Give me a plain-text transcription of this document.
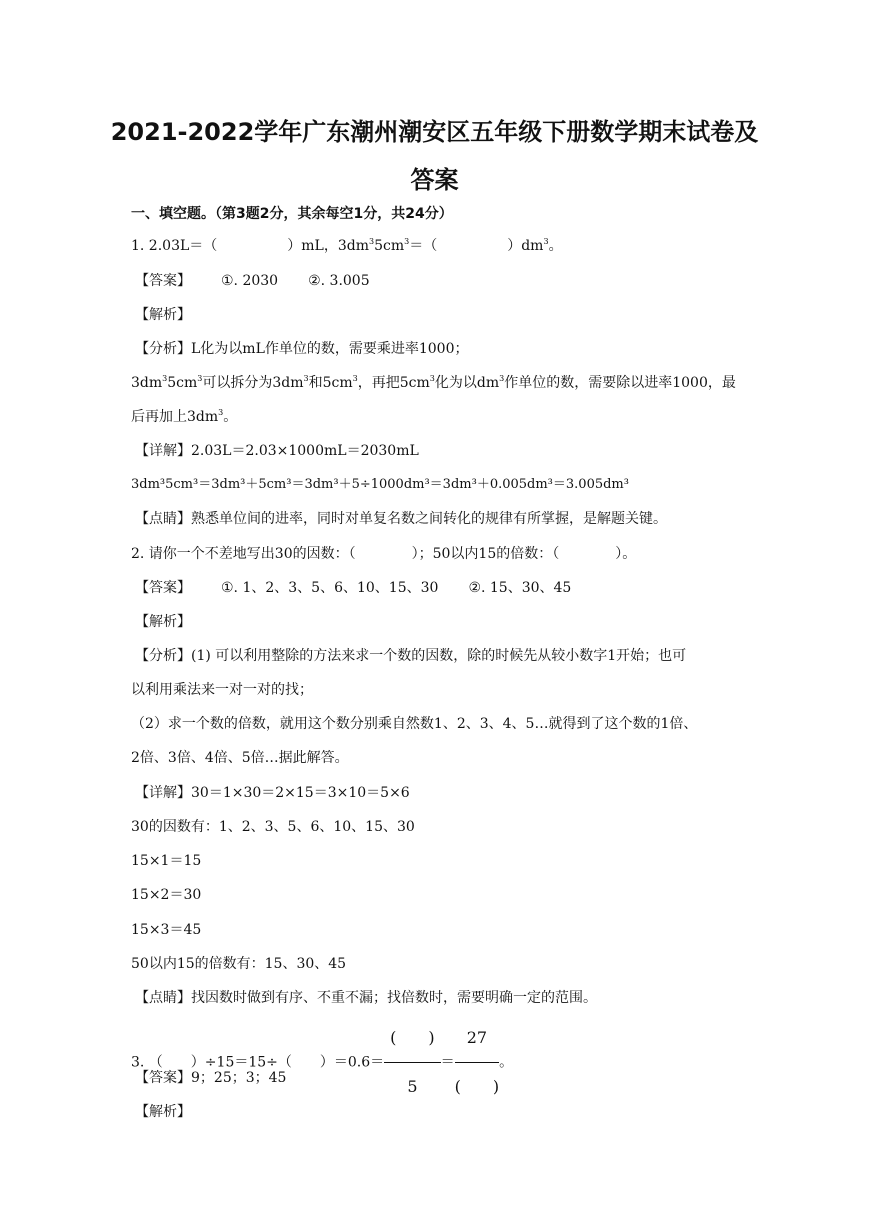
2021-2022学年广东潮州潮安区五年级下册数学期末试卷及
答案
一、填空题。（第3题2分，其余每空1分，共24分）
1. 2.03L＝（	）mL，$3dm^35cm^3=$（	）$dm^3$。
【答案】 ①. 2030 ②. 3.005
【解析】
【分析】L化为以mL作单位的数，需要乘进率1000；
$3dm^35cm^3$可以拆分为$3dm^3$和$5cm^3$，再把$5cm^3$化为以$dm^3$作单位的数，需要除以进率1000，最
后再加上$3dm^3$。
【详解】2.03L＝2.03×1000mL＝2030mL
3dm³5cm³＝3dm³＋5cm³＝3dm³＋5÷1000dm³＝3dm³＋0.005dm³＝3.005dm³
【点睛】熟悉单位间的进率，同时对单复名数之间转化的规律有所掌握，是解题关键。
2. 请你一个不差地写出30的因数：（　　　　）；50以内15的倍数：（　　　　）。
【答案】 ①. 1、2、3、5、6、10、15、30 ②. 15、30、45
【解析】
【分析】(1) 可以利用整除的方法来求一个数的因数，除的时候先从较小数字1开始；也可
以利用乘法来一对一对的找；
（2）求一个数的倍数，就用这个数分别乘自然数1、2、3、4、5…就得到了这个数的1倍、
2倍、3倍、4倍、5倍…据此解答。
【详解】30＝1×30＝2×15＝3×10＝5×6
30的因数有：1、2、3、5、6、10、15、30
15×1＝15
15×2＝30
15×3＝45
50以内15的倍数有：15、30、45
【点睛】找因数时做到有序、不重不漏；找倍数时，需要明确一定的范围。
3. （　　）÷15＝15÷（　　）$=0.6= \frac{( )}{5} = \frac{27}{( )}$ 。
【答案】9；25；3；45
【解析】
